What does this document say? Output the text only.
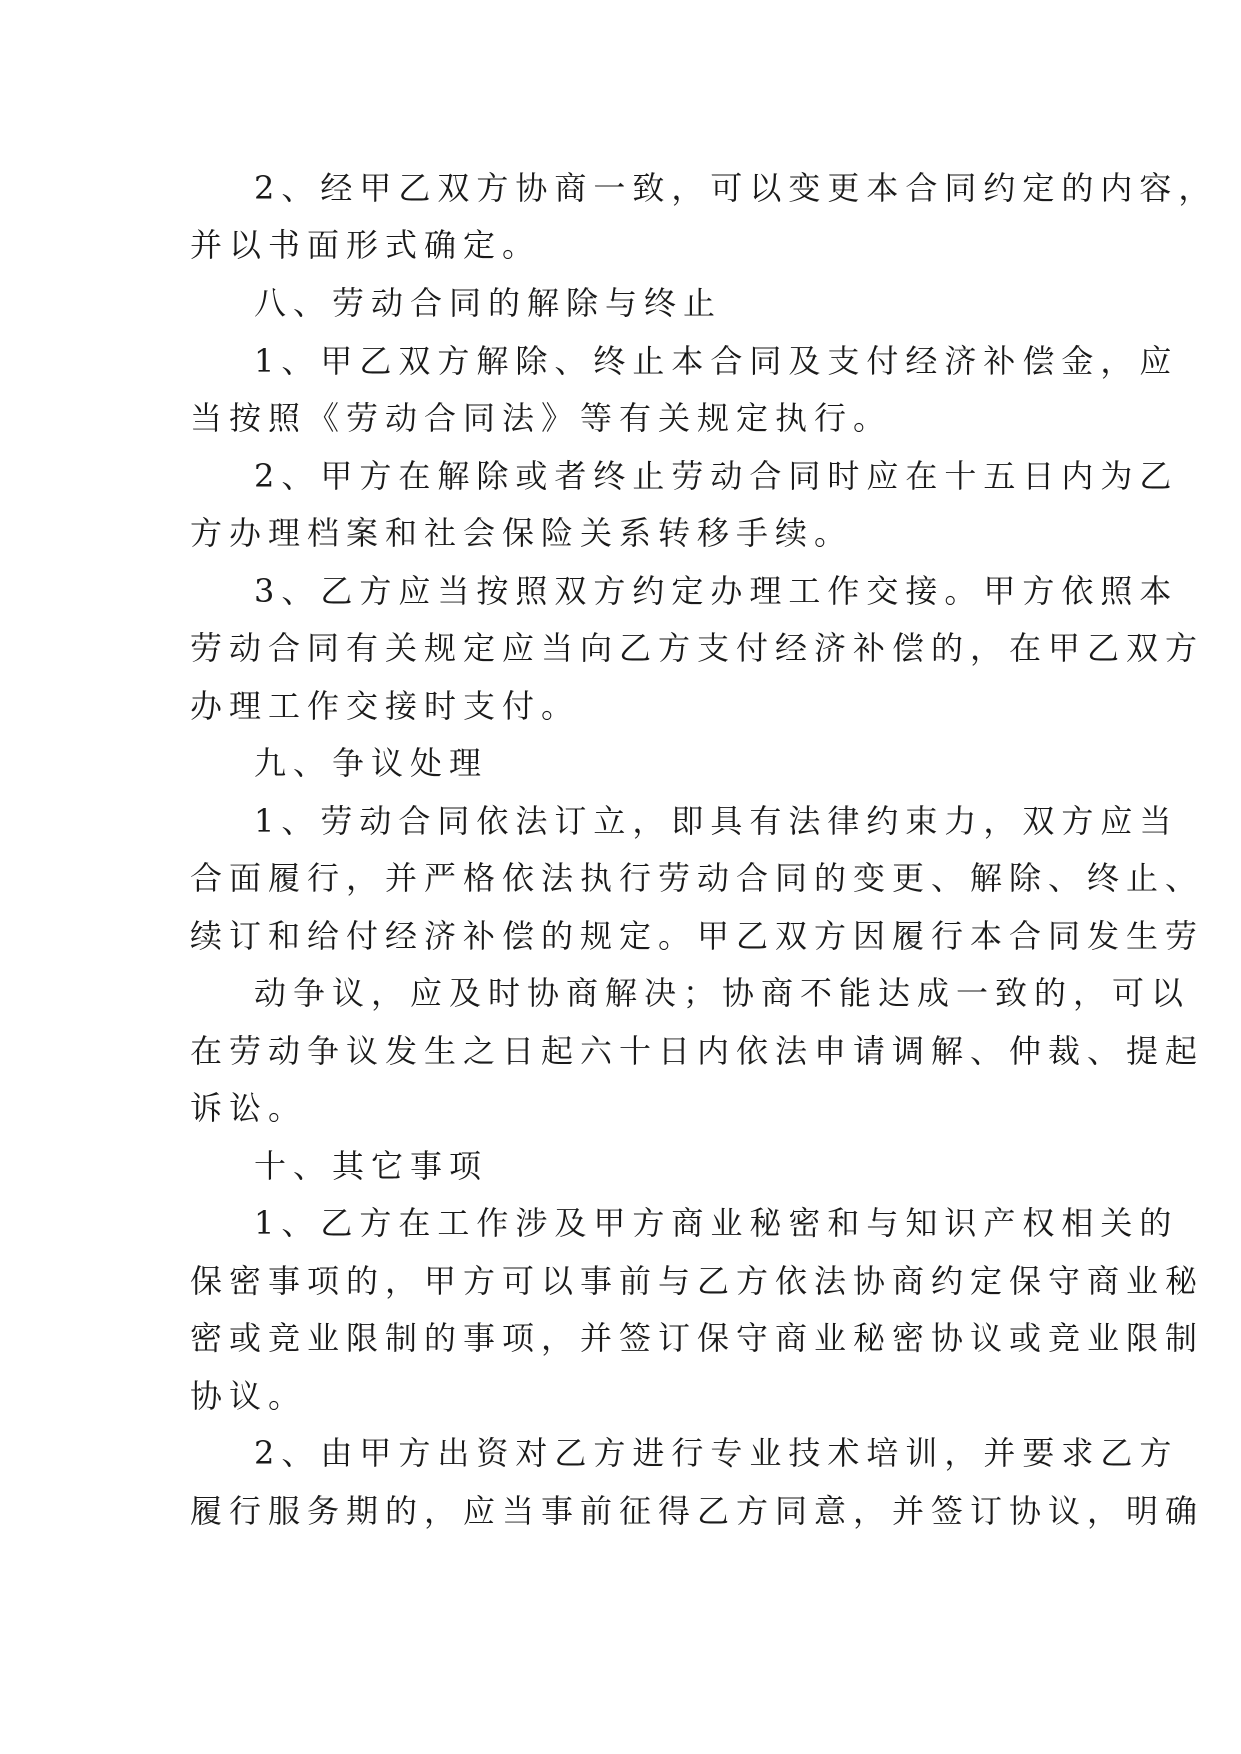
2、经甲乙双方协商一致，可以变更本合同约定的内容，
并以书面形式确定。
八、劳动合同的解除与终止
1、甲乙双方解除、终止本合同及支付经济补偿金，应
当按照《劳动合同法》等有关规定执行。
2、甲方在解除或者终止劳动合同时应在十五日内为乙
方办理档案和社会保险关系转移手续。
3、乙方应当按照双方约定办理工作交接。甲方依照本
劳动合同有关规定应当向乙方支付经济补偿的，在甲乙双方
办理工作交接时支付。
九、争议处理
1、劳动合同依法订立，即具有法律约束力，双方应当
合面履行，并严格依法执行劳动合同的变更、解除、终止、
续订和给付经济补偿的规定。甲乙双方因履行本合同发生劳
动争议，应及时协商解决；协商不能达成一致的，可以
在劳动争议发生之日起六十日内依法申请调解、仲裁、提起
诉讼。
十、其它事项
1、乙方在工作涉及甲方商业秘密和与知识产权相关的
保密事项的，甲方可以事前与乙方依法协商约定保守商业秘
密或竞业限制的事项，并签订保守商业秘密协议或竞业限制
协议。
2、由甲方出资对乙方进行专业技术培训，并要求乙方
履行服务期的，应当事前征得乙方同意，并签订协议，明确
